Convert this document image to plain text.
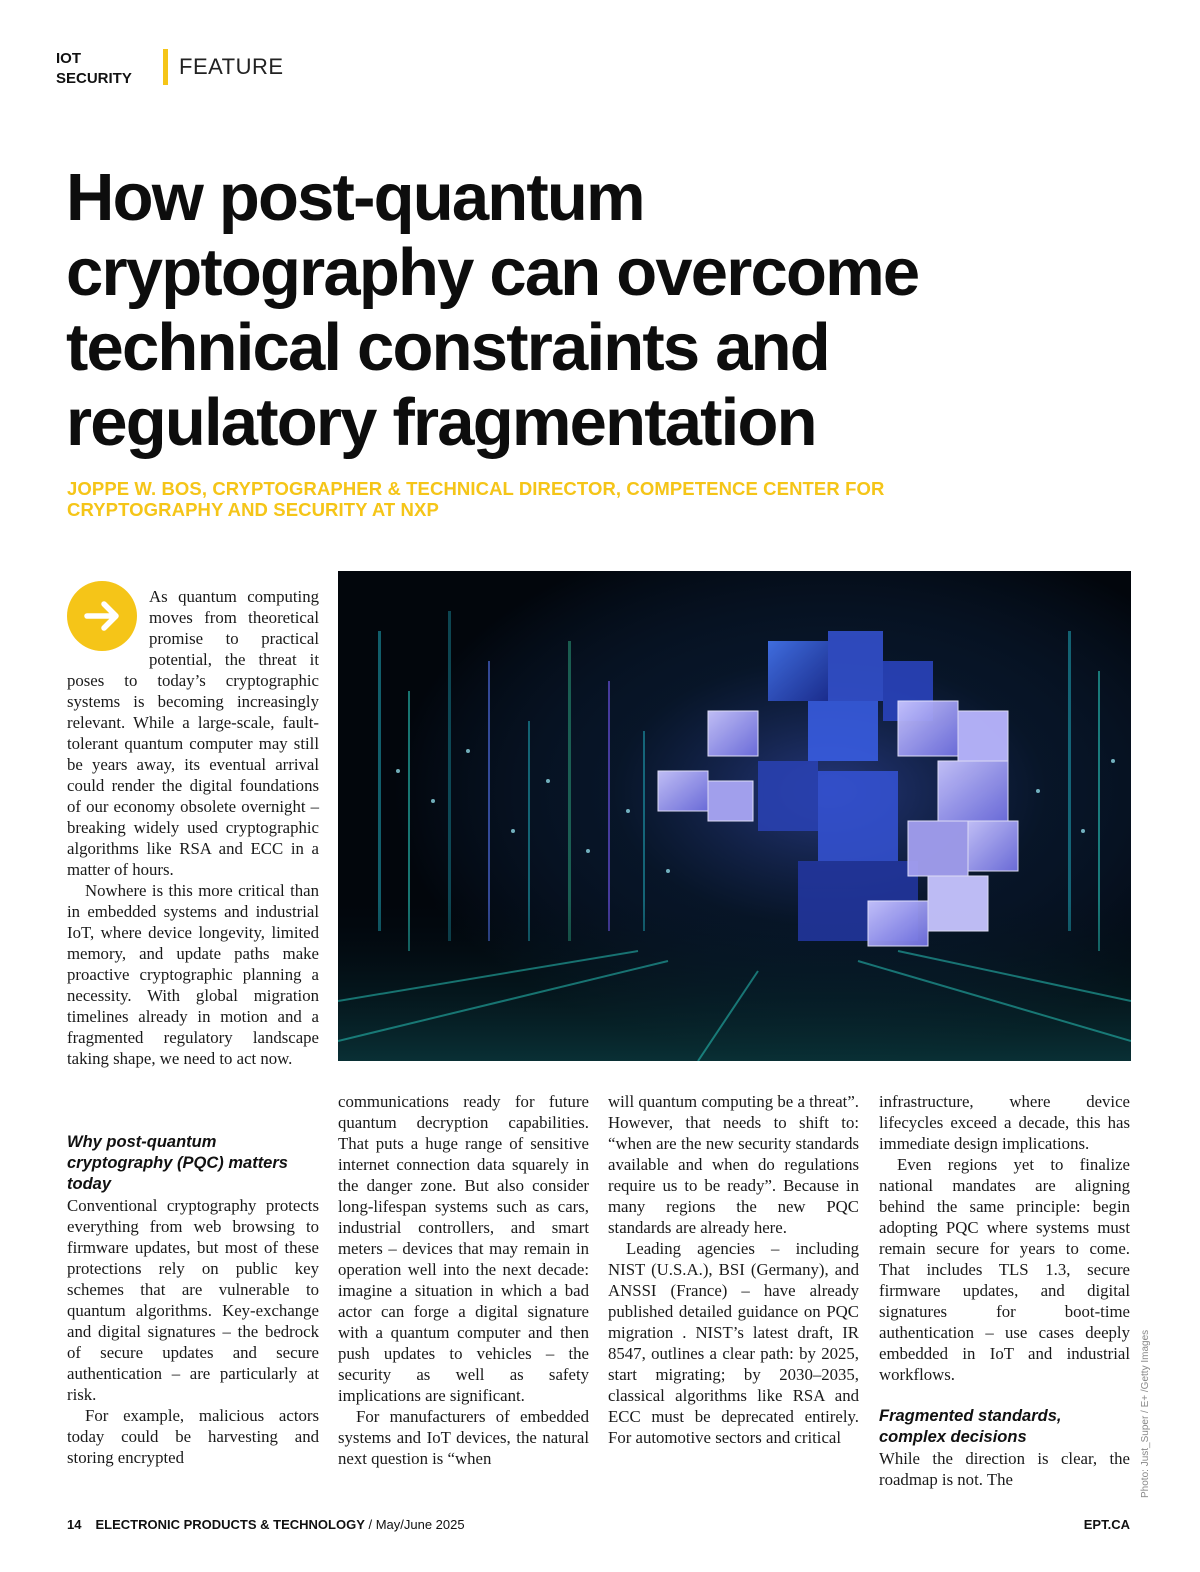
IOT
SECURITY FEATURE
How post-quantum
cryptography can overcome
technical constraints and
regulatory fragmentation
JOPPE W. BOS, CRYPTOGRAPHER & TECHNICAL DIRECTOR, COMPETENCE CENTER FOR
CRYPTOGRAPHY AND SECURITY AT NXP

As quantum computing moves from theoretical promise to practical potential, the threat it poses to today’s cryptographic systems is becoming increasingly relevant. While a large-scale, fault-tolerant quantum computer may still be years away, its eventual arrival could render the digital foundations of our economy obsolete overnight – breaking widely used cryptographic algorithms like RSA and ECC in a matter of hours.

Nowhere is this more critical than in embedded systems and industrial IoT, where device longevity, limited memory, and update paths make proactive cryptographic planning a necessity. With global migration timelines already in motion and a fragmented regulatory landscape taking shape, we need to act now.

Why post-quantum cryptography (PQC) matters today

Conventional cryptography protects everything from web browsing to firmware updates, but most of these protections rely on public key schemes that are vulnerable to quantum algorithms. Key-exchange and digital signatures – the bedrock of secure updates and secure authentication – are particularly at risk.

For example, malicious actors today could be harvesting and storing encrypted

communications ready for future quantum decryption capabilities. That puts a huge range of sensitive internet connection data squarely in the danger zone. But also consider long-lifespan systems such as cars, industrial controllers, and smart meters – devices that may remain in operation well into the next decade: imagine a situation in which a bad actor can forge a digital signature with a quantum computer and then push updates to vehicles – the security as well as safety implications are significant.

For manufacturers of embedded systems and IoT devices, the natural next question is “when

will quantum computing be a threat”. However, that needs to shift to: “when are the new security standards available and when do regulations require us to be ready”. Because in many regions the new PQC standards are already here.

Leading agencies – including NIST (U.S.A.), BSI (Germany), and ANSSI (France) – have already published detailed guidance on PQC migration . NIST’s latest draft, IR 8547, outlines a clear path: by 2025, start migrating; by 2030–2035, classical algorithms like RSA and ECC must be deprecated entirely. For automotive sectors and critical

infrastructure, where device lifecycles exceed a decade, this has immediate design implications.

Even regions yet to finalize national mandates are aligning behind the same principle: begin adopting PQC where systems must remain secure for years to come. That includes TLS 1.3, secure firmware updates, and digital signatures for boot-time authentication – use cases deeply embedded in IoT and industrial workflows.

Fragmented standards, complex decisions

While the direction is clear, the roadmap is not. The	Photo: Just_Super / E+ /Getty Images
14 ELECTRONIC PRODUCTS & TECHNOLOGY / May/June 2025	EPT.CA
